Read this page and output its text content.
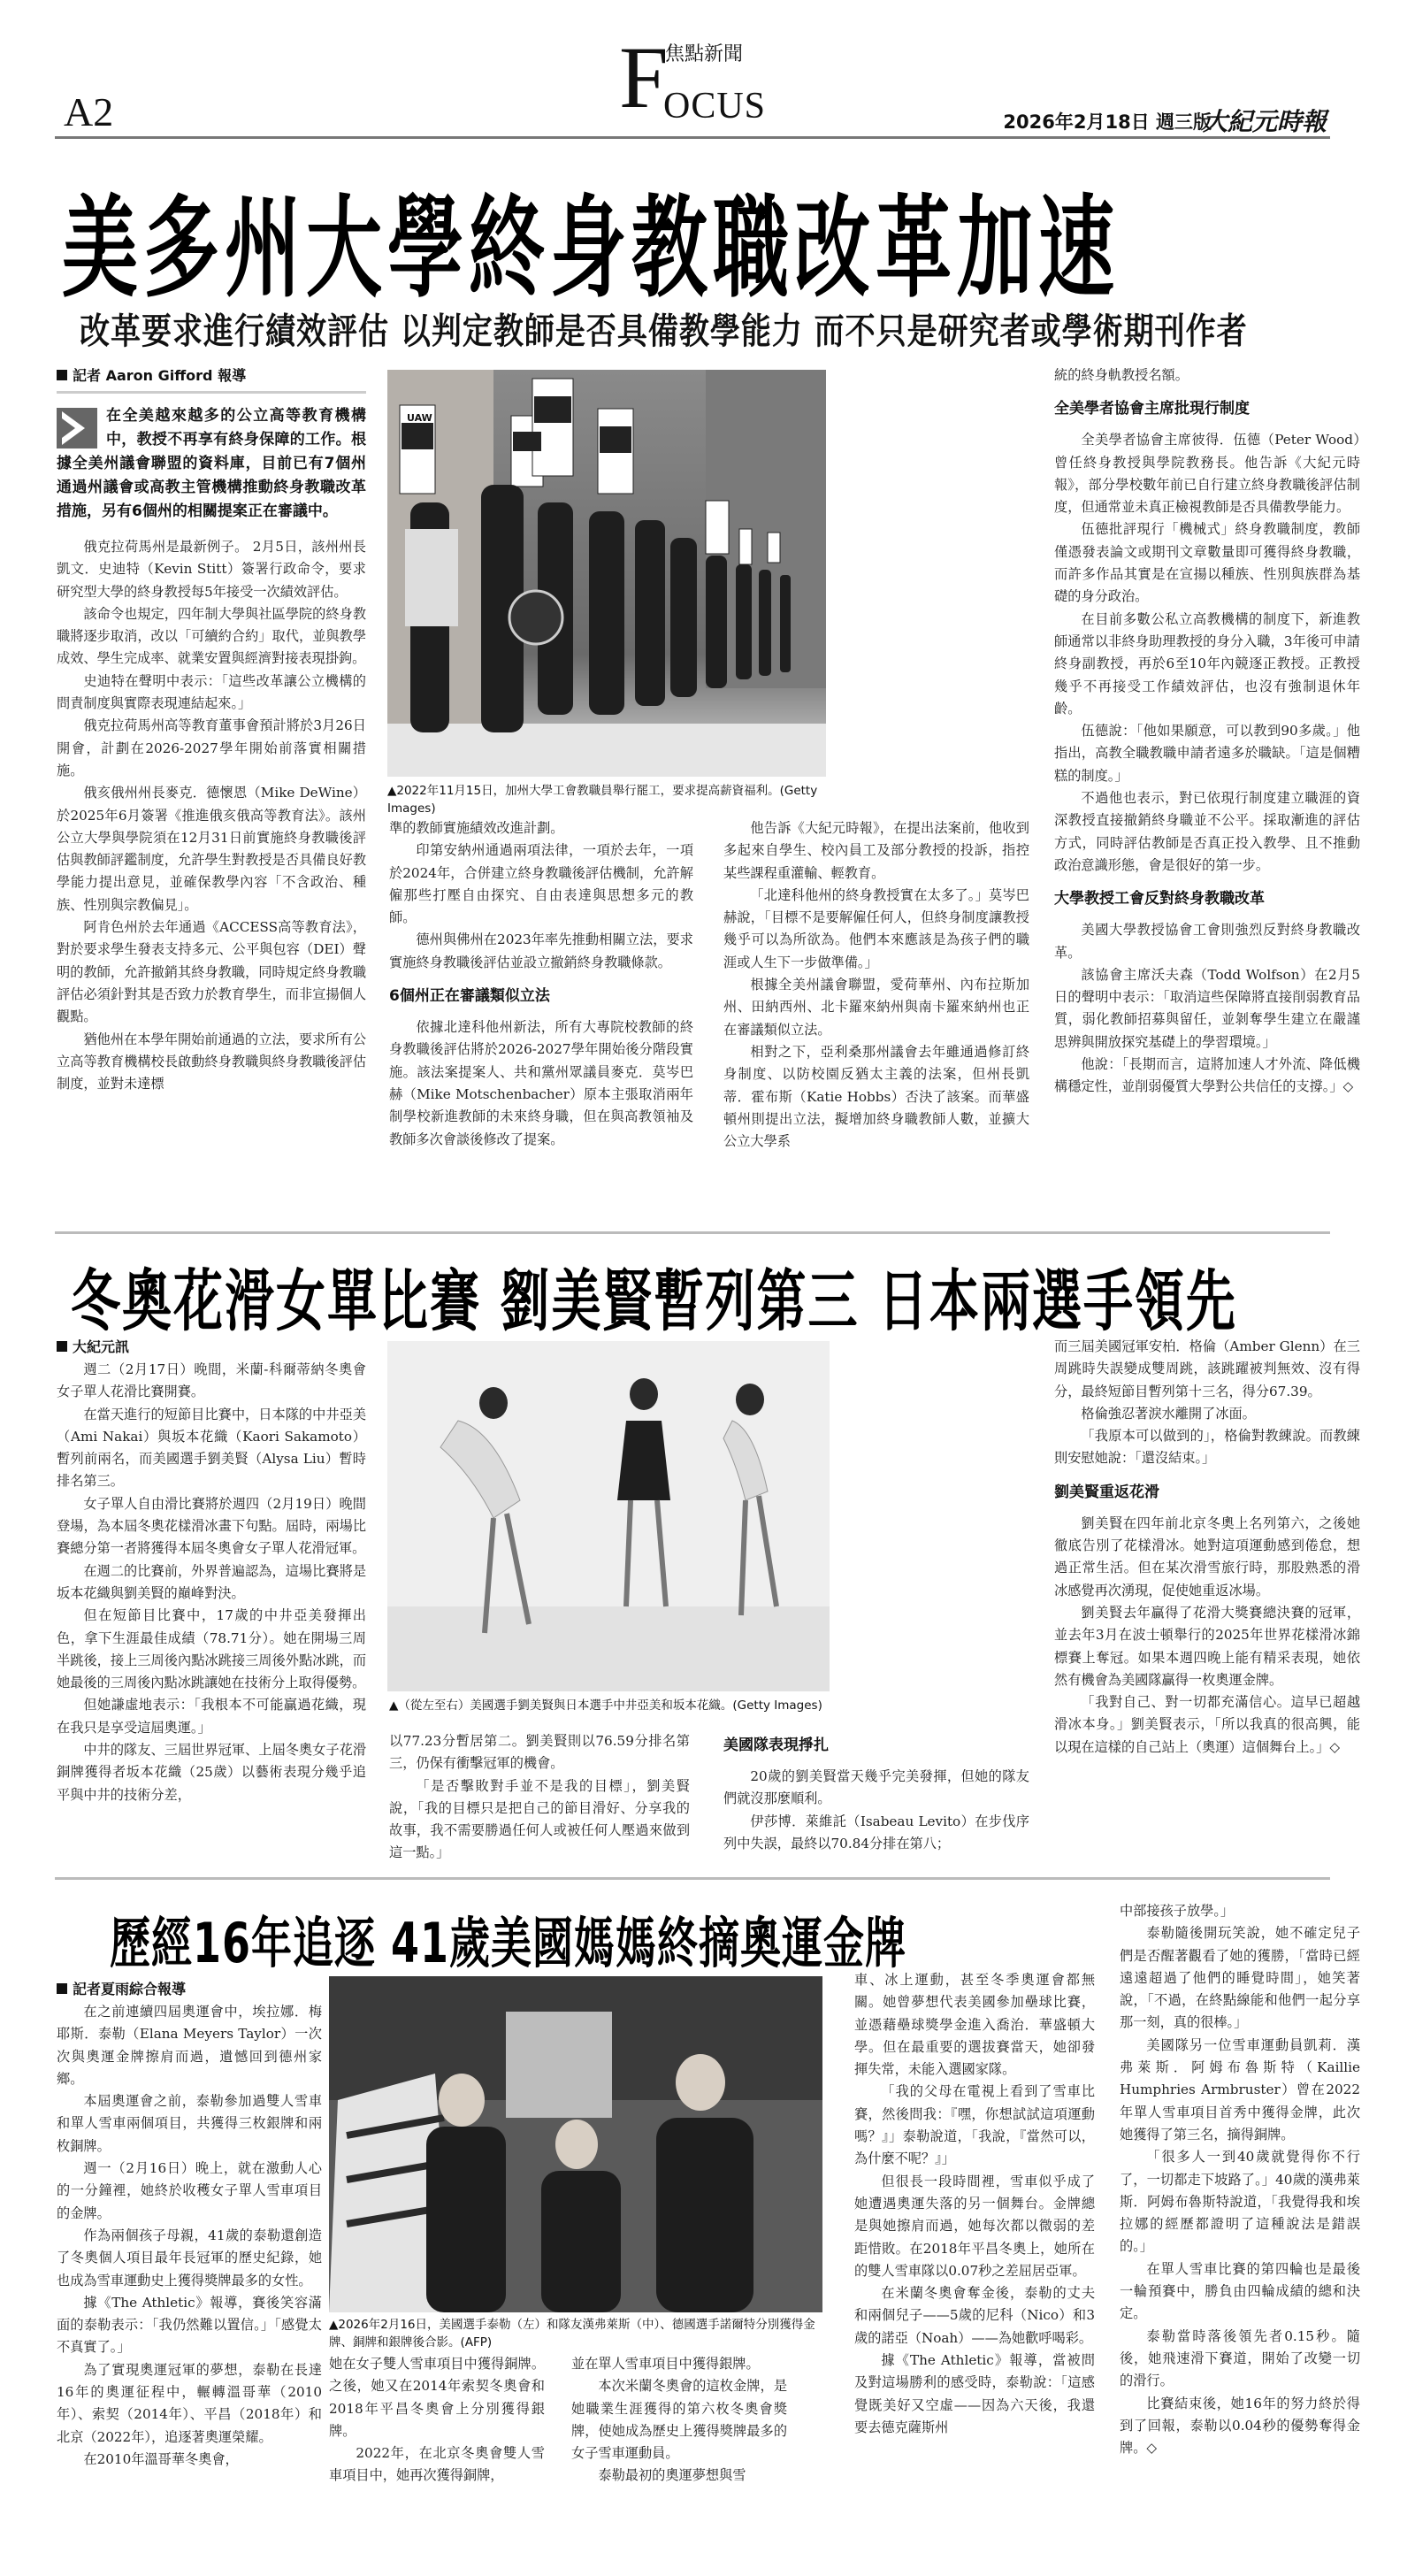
A2	F
焦點新聞
OCUS	2026年2月18日 週三版
大紀元時報
美多州大學終身教職改革加速
改革要求進行績效評估 以判定教師是否具備教學能力 而不只是研究者或學術期刊作者
記者 Aaron Gifford 報導
在全美越來越多的公立高等教育機構中，教授不再享有終身保障的工作。根據全美州議會聯盟的資料庫，目前已有7個州通過州議會或高教主管機構推動終身教職改革措施，另有6個州的相關提案正在審議中。

俄克拉荷馬州是最新例子。 2月5日，該州州長凱文．史迪特（Kevin Stitt）簽署行政命令，要求研究型大學的終身教授每5年接受一次績效評估。

該命令也規定，四年制大學與社區學院的終身教職將逐步取消，改以「可續約合約」取代，並與教學成效、學生完成率、就業安置與經濟對接表現掛鉤。

史迪特在聲明中表示：「這些改革讓公立機構的問責制度與實際表現連結起來。」

俄克拉荷馬州高等教育董事會預計將於3月26日開會，計劃在2026-2027學年開始前落實相關措施。

俄亥俄州州長麥克．德懷恩（Mike DeWine）於2025年6月簽署《推進俄亥俄高等教育法》。該州公立大學與學院須在12月31日前實施終身教職後評估與教師評鑑制度，允許學生對教授是否具備良好教學能力提出意見，並確保教學內容「不含政治、種族、性別與宗教偏見」。

阿肯色州於去年通過《ACCESS高等教育法》，對於要求學生發表支持多元、公平與包容（DEI）聲明的教師，允許撤銷其終身教職，同時規定終身教職評估必須針對其是否致力於教育學生，而非宣揚個人觀點。

猶他州在本學年開始前通過的立法，要求所有公立高等教育機構校長啟動終身教職與終身教職後評估制度，並對未達標

UAW
▲2022年11月15日，加州大學工會教職員舉行罷工，要求提高薪資福利。(Getty Images)

準的教師實施績效改進計劃。

印第安納州通過兩項法律，一項於去年，一項於2024年，合併建立終身教職後評估機制，允許解僱那些打壓自由探究、自由表達與思想多元的教師。

德州與佛州在2023年率先推動相關立法，要求實施終身教職後評估並設立撤銷終身教職條款。

6個州正在審議類似立法

依據北達科他州新法，所有大專院校教師的終身教職後評估將於2026-2027學年開始後分階段實施。該法案提案人、共和黨州眾議員麥克．莫岑巴赫（Mike Motschenbacher）原本主張取消兩年制學校新進教師的未來終身職，但在與高教領袖及教師多次會談後修改了提案。

他告訴《大紀元時報》，在提出法案前，他收到多起來自學生、校內員工及部分教授的投訴，指控某些課程重灌輸、輕教育。

「北達科他州的終身教授實在太多了。」莫岑巴赫說，「目標不是要解僱任何人，但終身制度讓教授幾乎可以為所欲為。他們本來應該是為孩子們的職涯或人生下一步做準備。」

根據全美州議會聯盟，愛荷華州、內布拉斯加州、田納西州、北卡羅來納州與南卡羅來納州也正在審議類似立法。

相對之下，亞利桑那州議會去年雖通過修訂終身制度、以防校園反猶太主義的法案，但州長凱蒂．霍布斯（Katie Hobbs）否決了該案。而華盛頓州則提出立法，擬增加終身職教師人數，並擴大公立大學系

統的終身軌教授名額。

全美學者協會主席批現行制度

全美學者協會主席彼得．伍德（Peter Wood）曾任終身教授與學院教務長。他告訴《大紀元時報》，部分學校數年前已自行建立終身教職後評估制度，但通常並未真正檢視教師是否具備教學能力。

伍德批評現行「機械式」終身教職制度，教師僅憑發表論文或期刊文章數量即可獲得終身教職，而許多作品其實是在宣揚以種族、性別與族群為基礎的身分政治。

在目前多數公私立高教機構的制度下，新進教師通常以非終身助理教授的身分入職，3年後可申請終身副教授，再於6至10年內競逐正教授。正教授幾乎不再接受工作績效評估，也沒有強制退休年齡。

伍德說：「他如果願意，可以教到90多歲。」他指出，高教全職教職申請者遠多於職缺。「這是個糟糕的制度。」

不過他也表示，對已依現行制度建立職涯的資深教授直接撤銷終身職並不公平。採取漸進的評估方式，同時評估教師是否真正投入教學、且不推動政治意識形態，會是很好的第一步。

大學教授工會反對終身教職改革

美國大學教授協會工會則強烈反對終身教職改革。

該協會主席沃夫森（Todd Wolfson）在2月5日的聲明中表示：「取消這些保障將直接削弱教育品質，弱化教師招募與留任，並剝奪學生建立在嚴謹思辨與開放探究基礎上的學習環境。」

他說：「長期而言，這將加速人才外流、降低機構穩定性，並削弱優質大學對公共信任的支撐。」◇

冬奧花滑女單比賽 劉美賢暫列第三 日本兩選手領先
大紀元訊

週二（2月17日）晚間，米蘭-科爾蒂納冬奧會女子單人花滑比賽開賽。

在當天進行的短節目比賽中，日本隊的中井亞美（Ami Nakai）與坂本花織（Kaori Sakamoto）暫列前兩名，而美國選手劉美賢（Alysa Liu）暫時排名第三。

女子單人自由滑比賽將於週四（2月19日）晚間登場，為本屆冬奧花樣滑冰畫下句點。屆時，兩場比賽總分第一者將獲得本屆冬奧會女子單人花滑冠軍。

在週二的比賽前，外界普遍認為，這場比賽將是坂本花織與劉美賢的巔峰對決。

但在短節目比賽中，17歲的中井亞美發揮出色，拿下生涯最佳成績（78.71分）。她在開場三周半跳後，接上三周後內點冰跳接三周後外點冰跳，而她最後的三周後內點冰跳讓她在技術分上取得優勢。

但她謙虛地表示：「我根本不可能贏過花織，現在我只是享受這屆奧運。」

中井的隊友、三屆世界冠軍、上屆冬奧女子花滑銅牌獲得者坂本花織（25歲）以藝術表現分幾乎追平與中井的技術分差，

▲（從左至右）美國選手劉美賢與日本選手中井亞美和坂本花織。(Getty Images)

以77.23分暫居第二。劉美賢則以76.59分排名第三，仍保有衝擊冠軍的機會。

「是否擊敗對手並不是我的目標」，劉美賢說，「我的目標只是把自己的節目滑好、分享我的故事，我不需要勝過任何人或被任何人壓過來做到這一點。」

美國隊表現掙扎

20歲的劉美賢當天幾乎完美發揮，但她的隊友們就沒那麼順利。

伊莎博．萊維託（Isabeau Levito）在步伐序列中失誤，最終以70.84分排在第八；

而三屆美國冠軍安柏．格倫（Amber Glenn）在三周跳時失誤變成雙周跳，該跳躍被判無效、沒有得分，最終短節目暫列第十三名，得分67.39。

格倫強忍著淚水離開了冰面。

「我原本可以做到的」，格倫對教練說。而教練則安慰她說：「還沒結束。」

劉美賢重返花滑

劉美賢在四年前北京冬奧上名列第六，之後她徹底告別了花樣滑冰。她對這項運動感到倦怠，想過正常生活。但在某次滑雪旅行時，那股熟悉的滑冰感覺再次湧現，促使她重返冰場。

劉美賢去年贏得了花滑大獎賽總決賽的冠軍，並去年3月在波士頓舉行的2025年世界花樣滑冰錦標賽上奪冠。如果本週四晚上能有精采表現，她依然有機會為美國隊贏得一枚奧運金牌。

「我對自己、對一切都充滿信心。這早已超越滑冰本身。」劉美賢表示，「所以我真的很高興，能以現在這樣的自己站上（奧運）這個舞台上。」◇

歷經16年追逐 41歲美國媽媽終摘奧運金牌
記者夏雨綜合報導

在之前連續四屆奧運會中，埃拉娜．梅耶斯．泰勒（Elana Meyers Taylor）一次次與奧運金牌擦肩而過，遺憾回到德州家鄉。

本屆奧運會之前，泰勒參加過雙人雪車和單人雪車兩個項目，共獲得三枚銀牌和兩枚銅牌。

週一（2月16日）晚上，就在激動人心的一分鐘裡，她終於收穫女子單人雪車項目的金牌。

作為兩個孩子母親，41歲的泰勒還創造了冬奧個人項目最年長冠軍的歷史紀錄，她也成為雪車運動史上獲得獎牌最多的女性。

據《The Athletic》報導，賽後笑容滿面的泰勒表示：「我仍然難以置信。」「感覺太不真實了。」

為了實現奧運冠軍的夢想，泰勒在長達16年的奧運征程中，輾轉溫哥華（2010年）、索契（2014年）、平昌（2018年）和北京（2022年），追逐著奧運榮耀。

在2010年溫哥華冬奧會，

▲2026年2月16日，美國選手泰勒（左）和隊友漢弗萊斯（中）、德國選手諾爾特分別獲得金牌、銅牌和銀牌後合影。(AFP)

她在女子雙人雪車項目中獲得銅牌。之後，她又在2014年索契冬奧會和2018年平昌冬奧會上分別獲得銀牌。

2022年，在北京冬奧會雙人雪車項目中，她再次獲得銅牌，

並在單人雪車項目中獲得銀牌。

本次米蘭冬奧會的這枚金牌，是她職業生涯獲得的第六枚冬奧會獎牌，使她成為歷史上獲得獎牌最多的女子雪車運動員。

泰勒最初的奧運夢想與雪

車、冰上運動，甚至冬季奧運會都無關。她曾夢想代表美國參加壘球比賽，並憑藉壘球獎學金進入喬治．華盛頓大學。但在最重要的選拔賽當天，她卻發揮失常，未能入選國家隊。

「我的父母在電視上看到了雪車比賽，然後問我：『嘿，你想試試這項運動嗎？』」泰勒說道，「我說，『當然可以，為什麼不呢？』」

但很長一段時間裡，雪車似乎成了她遭遇奧運失落的另一個舞台。金牌總是與她擦肩而過，她每次都以微弱的差距惜敗。在2018年平昌冬奧上，她所在的雙人雪車隊以0.07秒之差屈居亞軍。

在米蘭冬奧會奪金後，泰勒的丈夫和兩個兒子——5歲的尼科（Nico）和3歲的諾亞（Noah）——為她歡呼喝彩。

據《The Athletic》報導，當被問及對這場勝利的感受時，泰勒說：「這感覺既美好又空虛——因為六天後，我還要去德克薩斯州

中部接孩子放學。」

泰勒隨後開玩笑說，她不確定兒子們是否醒著觀看了她的獲勝，「當時已經遠遠超過了他們的睡覺時間」，她笑著說，「不過，在終點線能和他們一起分享那一刻，真的很棒。」

美國隊另一位雪車運動員凱莉．漢弗萊斯．阿姆布魯斯特（Kaillie Humphries Armbruster）曾在2022年單人雪車項目首秀中獲得金牌，此次她獲得了第三名，摘得銅牌。

「很多人一到40歲就覺得你不行了，一切都走下坡路了。」40歲的漢弗萊斯．阿姆布魯斯特說道，「我覺得我和埃拉娜的經歷都證明了這種說法是錯誤的。」

在單人雪車比賽的第四輪也是最後一輪預賽中，勝負由四輪成績的總和決定。

泰勒當時落後領先者0.15秒。隨後，她飛速滑下賽道，開始了改變一切的滑行。

比賽結束後，她16年的努力終於得到了回報，泰勒以0.04秒的優勢奪得金牌。◇
